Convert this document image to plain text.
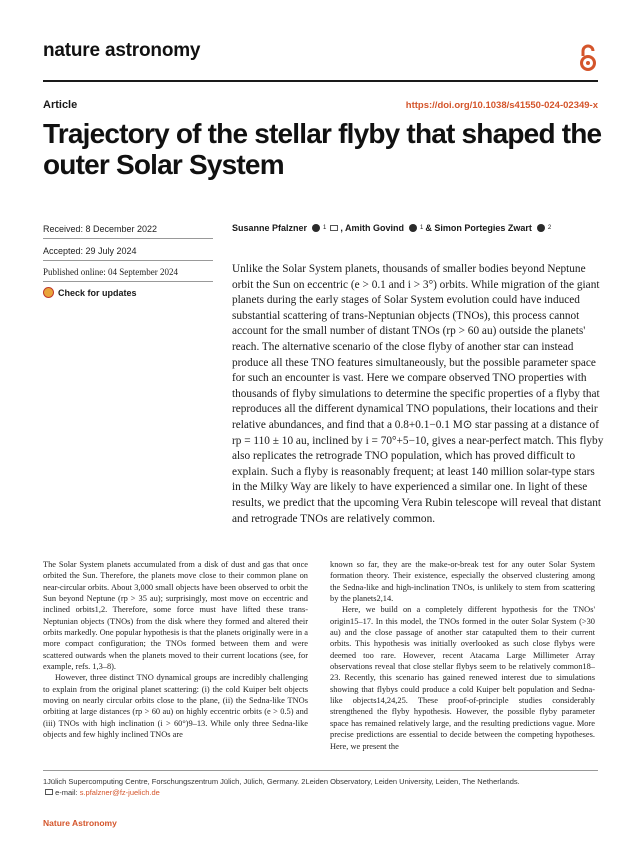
nature astronomy
Article	https://doi.org/10.1038/s41550-024-02349-x
Trajectory of the stellar flyby that shaped the outer Solar System
Received: 8 December 2022
Accepted: 29 July 2024
Published online: 04 September 2024
Check for updates
Susanne Pfalzner	1 , Amith Govind	1 & Simon Portegies Zwart	2

Unlike the Solar System planets, thousands of smaller bodies beyond Neptune orbit the Sun on eccentric (e > 0.1 and i > 3°) orbits. While migration of the giant planets during the early stages of Solar System evolution could have induced substantial scattering of trans-Neptunian objects (TNOs), this process cannot account for the small number of distant TNOs (rp > 60 au) outside the planets' reach. The alternative scenario of the close flyby of another star can instead produce all these TNO features simultaneously, but the possible parameter space for such an encounter is vast. Here we compare observed TNO properties with thousands of flyby simulations to determine the specific properties of a flyby that reproduces all the different dynamical TNO populations, their locations and their relative abundances, and find that a 0.8+0.1−0.1 M⊙ star passing at a distance of rp = 110 ± 10 au, inclined by i = 70°+5−10, gives a near-perfect match. This flyby also replicates the retrograde TNO population, which has proved difficult to explain. Such a flyby is reasonably frequent; at least 140 million solar-type stars in the Milky Way are likely to have experienced a similar one. In light of these results, we predict that the upcoming Vera Rubin telescope will reveal that distant and retrograde TNOs are relatively common.

The Solar System planets accumulated from a disk of dust and gas that once orbited the Sun. Therefore, the planets move close to their common plane on near-circular orbits. About 3,000 small objects have been observed to orbit the Sun beyond Neptune (rp > 35 au); surprisingly, most move on eccentric and inclined orbits1,2. Therefore, some force must have lifted these trans-Neptunian objects (TNOs) from the disk where they formed and altered their orbits markedly. One popular hypothesis is that the planets originally were in a more compact configuration; the TNOs formed between them and were scattered outwards when the planets moved to their current locations (see, for example, refs. 1,3–8).

However, three distinct TNO dynamical groups are incredibly challenging to explain from the original planet scattering: (i) the cold Kuiper belt objects moving on nearly circular orbits close to the plane, (ii) the Sedna-like TNOs orbiting at large distances (rp > 60 au) on highly eccentric orbits (e > 0.5) and (iii) TNOs with high inclination (i > 60°)9–13. While only three Sedna-like objects and few highly inclined TNOs are

known so far, they are the make-or-break test for any outer Solar System formation theory. Their existence, especially the observed clustering among the Sedna-like and high-inclination TNOs, is unlikely to stem from scattering by the planets2,14.

Here, we build on a completely different hypothesis for the TNOs' origin15–17. In this model, the TNOs formed in the outer Solar System (>30 au) and the close passage of another star catapulted them to their current orbits. This hypothesis was initially overlooked as such close flybys were deemed too rare. However, recent Atacama Large Millimeter Array observations reveal that close stellar flybys seem to be relatively common18–23. Recently, this scenario has gained renewed interest due to simulations showing that flybys could produce a cold Kuiper belt population and Sedna-like objects14,24,25. These proof-of-principle studies considerably strengthened the flyby hypothesis. However, the possible flyby parameter space has remained relatively large, and the resulting predictions vague. More precise predictions are essential to decide between the competing hypotheses. Here, we present the

1Jülich Supercomputing Centre, Forschungszentrum Jülich, Jülich, Germany. 2Leiden Observatory, Leiden University, Leiden, The Netherlands.
e-mail: s.pfalzner@fz-juelich.de
Nature Astronomy
